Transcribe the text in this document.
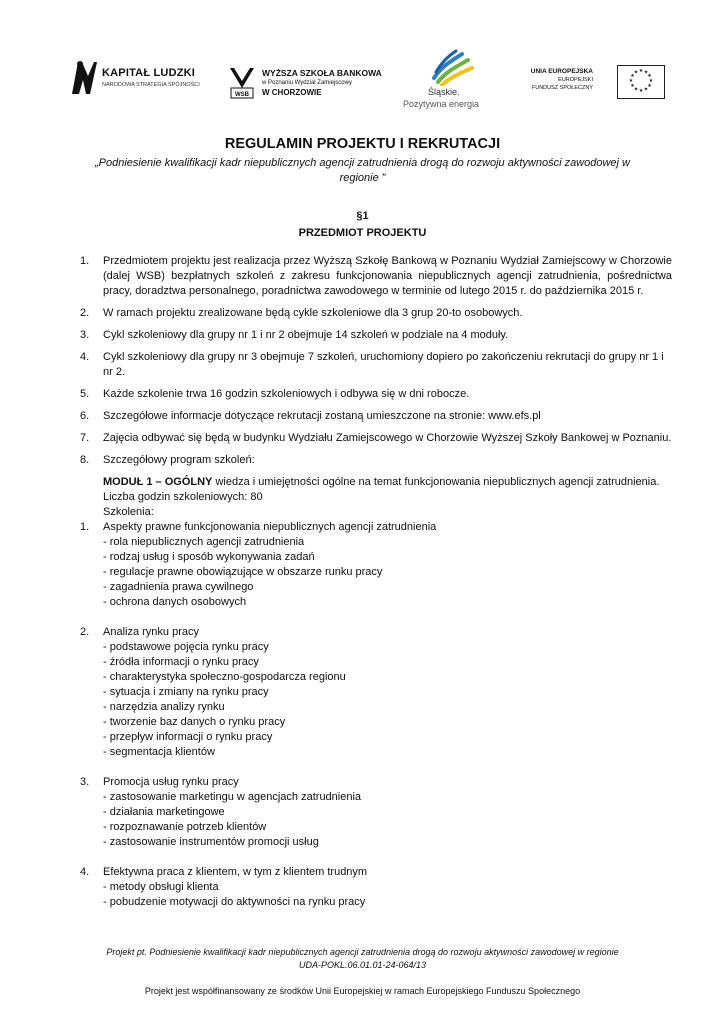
KAPITAŁ LUDZKI
NARODOWA STRATEGIA SPÓJNOŚCI
WSB
WYŻSZA SZKOŁA BANKOWA
w Poznaniu Wydział Zamiejscowy
W CHORZOWIE	Śląskie.
Pozytywna energia
UNIA EUROPEJSKA
EUROPEJSKI
FUNDUSZ SPOŁECZNY
★ ★
★
★
★
★
★
★
★
★
★
★
REGULAMIN PROJEKTU I REKRUTACJI
„Podniesienie kwalifikacji kadr niepublicznych agencji zatrudnienia drogą do rozwoju aktywności zawodowej w regionie ”
§1
PRZEDMIOT PROJEKTU
1. Przedmiotem projektu jest realizacja przez Wyższą Szkołę Bankową w Poznaniu Wydział Zamiejscowy w Chorzowie (dalej WSB) bezpłatnych szkoleń z zakresu funkcjonowania niepublicznych agencji zatrudnienia, pośrednictwa pracy, doradztwa personalnego, poradnictwa zawodowego w terminie od lutego 2015 r. do października 2015 r.
2. W ramach projektu zrealizowane będą cykle szkoleniowe dla 3 grup 20-to osobowych.
3. Cykl szkoleniowy dla grupy nr 1 i nr 2 obejmuje 14 szkoleń w podziale na 4 moduły.
4. Cykl szkoleniowy dla grupy nr 3 obejmuje 7 szkoleń, uruchomiony dopiero po zakończeniu rekrutacji do grupy nr 1 i nr 2.
5. Każde szkolenie trwa 16 godzin szkoleniowych i odbywa się w dni robocze.
6. Szczegółowe informacje dotyczące rekrutacji zostaną umieszczone na stronie: www.efs.pl
7. Zajęcia odbywać się będą w budynku Wydziału Zamiejscowego w Chorzowie Wyższej Szkoły Bankowej w Poznaniu.
8. Szczegółowy program szkoleń:
MODUŁ 1 – OGÓLNY wiedza i umiejętności ogólne na temat funkcjonowania niepublicznych agencji zatrudnienia.
Liczba godzin szkoleniowych: 80
Szkolenia:
1. Aspekty prawne funkcjonowania niepublicznych agencji zatrudnienia
- rola niepublicznych agencji zatrudnienia
- rodzaj usług i sposób wykonywania zadań
- regulacje prawne obowiązujące w obszarze runku pracy
- zagadnienia prawa cywilnego
- ochrona danych osobowych
2. Analiza rynku pracy
- podstawowe pojęcia rynku pracy
- źródła informacji o rynku pracy
- charakterystyka społeczno-gospodarcza regionu
- sytuacja i zmiany na rynku pracy
- narzędzia analizy rynku
- tworzenie baz danych o rynku pracy
- przepływ informacji o rynku pracy
- segmentacja klientów
3. Promocja usług rynku pracy
- zastosowanie marketingu w agencjach zatrudnienia
- działania marketingowe
- rozpoznawanie potrzeb klientów
- zastosowanie instrumentów promocji usług
4. Efektywna praca z klientem, w tym z klientem trudnym
- metody obsługi klienta
- pobudzenie motywacji do aktywności na rynku pracy
Projekt pt. Podniesienie kwalifikacji kadr niepublicznych agencji zatrudnienia drogą do rozwoju aktywności zawodowej w regionie
UDA-POKL.06.01.01-24-064/13
Projekt jest współfinansowany ze środków Unii Europejskiej w ramach Europejskiego Funduszu Społecznego
